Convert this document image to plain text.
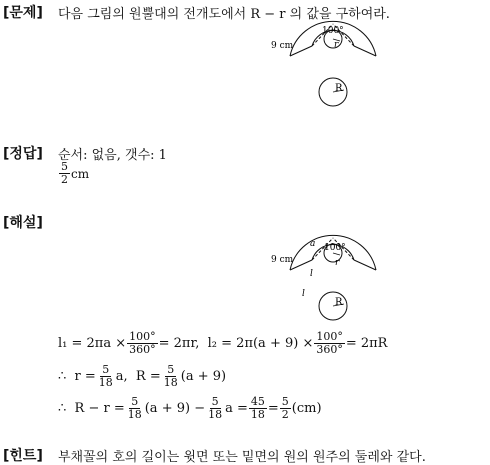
[문제] 다음 그림의 원뿔대의 전개도에서 R − r 의 값을 구하여라.
100°
9 cm	r
R
[정답] 순서: 없음, 갯수: 1
$\frac{5}{2}$ cm
[해설]
a 100°
9 cm
l
l
r
R
$l_1 = 2\pi a \times \frac{100^\circ}{360^\circ} = 2\pi r$,  $l_2 = 2\pi(a + 9) \times \frac{100^\circ}{360^\circ} = 2\pi R$
∴  $r = \frac{5}{18} a$,  $R = \frac{5}{18} (a + 9)$
∴  $R - r = \frac{5}{18} (a + 9) - \frac{5}{18}$ $a = \frac{45}{18} = \frac{5}{2} (cm)$
[힌트] 부채꼴의 호의 길이는 윗면 또는 밑면의 원의 원주의 둘레와 같다.
